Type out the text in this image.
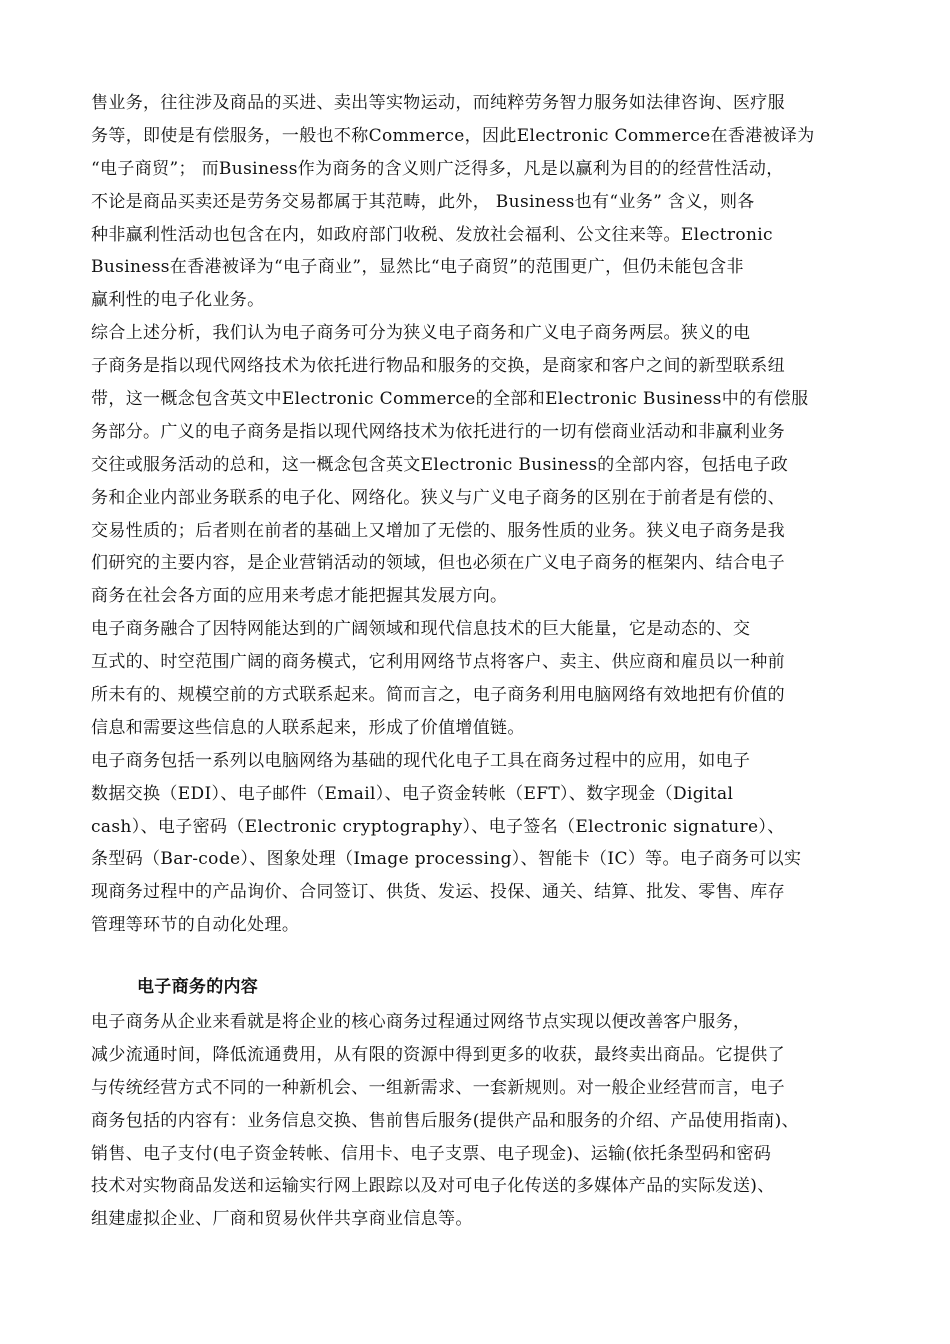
售业务，往往涉及商品的买进、卖出等实物运动，而纯粹劳务智力服务如法律咨询、医疗服
务等，即使是有偿服务，一般也不称Commerce，因此Electronic Commerce在香港被译为
“电子商贸”； 而Business作为商务的含义则广泛得多，凡是以赢利为目的的经营性活动，
不论是商品买卖还是劳务交易都属于其范畴，此外， Business也有“业务” 含义，则各
种非赢利性活动也包含在内，如政府部门收税、发放社会福利、公文往来等。Electronic
Business在香港被译为“电子商业”，显然比“电子商贸”的范围更广，但仍未能包含非
赢利性的电子化业务。
综合上述分析，我们认为电子商务可分为狭义电子商务和广义电子商务两层。狭义的电
子商务是指以现代网络技术为依托进行物品和服务的交换，是商家和客户之间的新型联系纽
带，这一概念包含英文中Electronic Commerce的全部和Electronic Business中的有偿服
务部分。广义的电子商务是指以现代网络技术为依托进行的一切有偿商业活动和非赢利业务
交往或服务活动的总和，这一概念包含英文Electronic Business的全部内容，包括电子政
务和企业内部业务联系的电子化、网络化。狭义与广义电子商务的区别在于前者是有偿的、
交易性质的；后者则在前者的基础上又增加了无偿的、服务性质的业务。狭义电子商务是我
们研究的主要内容，是企业营销活动的领域，但也必须在广义电子商务的框架内、结合电子
商务在社会各方面的应用来考虑才能把握其发展方向。
电子商务融合了因特网能达到的广阔领域和现代信息技术的巨大能量，它是动态的、交
互式的、时空范围广阔的商务模式，它利用网络节点将客户、卖主、供应商和雇员以一种前
所未有的、规模空前的方式联系起来。简而言之，电子商务利用电脑网络有效地把有价值的
信息和需要这些信息的人联系起来，形成了价值增值链。
电子商务包括一系列以电脑网络为基础的现代化电子工具在商务过程中的应用，如电子
数据交换（EDI）、电子邮件（Email）、电子资金转帐（EFT）、数字现金（Digital
cash）、电子密码（Electronic cryptography）、电子签名（Electronic signature）、
条型码（Bar-code）、图象处理（Image processing）、智能卡（IC）等。电子商务可以实
现商务过程中的产品询价、合同签订、供货、发运、投保、通关、结算、批发、零售、库存
管理等环节的自动化处理。
电子商务的内容
电子商务从企业来看就是将企业的核心商务过程通过网络节点实现以便改善客户服务，
减少流通时间，降低流通费用，从有限的资源中得到更多的收获，最终卖出商品。它提供了
与传统经营方式不同的一种新机会、一组新需求、一套新规则。对一般企业经营而言，电子
商务包括的内容有：业务信息交换、售前售后服务(提供产品和服务的介绍、产品使用指南)、
销售、电子支付(电子资金转帐、信用卡、电子支票、电子现金)、运输(依托条型码和密码
技术对实物商品发送和运输实行网上跟踪以及对可电子化传送的多媒体产品的实际发送)、
组建虚拟企业、厂商和贸易伙伴共享商业信息等。
